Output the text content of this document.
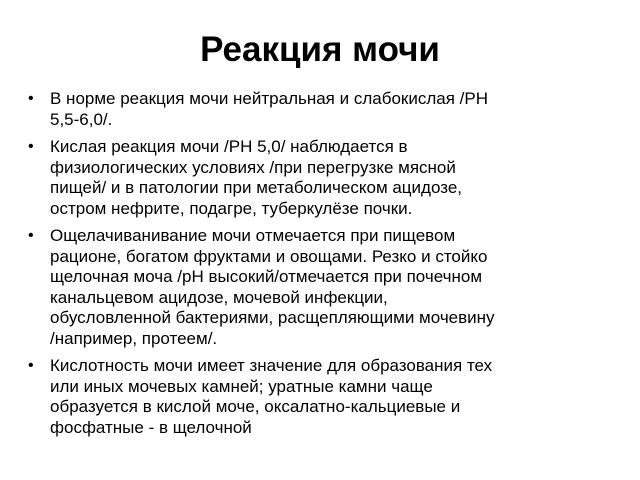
Реакция мочи
• В норме реакция мочи нейтральная и слабокислая /РН
5,5-6,0/.
• Кислая реакция мочи /РН 5,0/ наблюдается в
физиологических условиях /при перегрузке мясной
пищей/ и в патологии при метаболическом ацидозе,
остром нефрите, подагре, туберкулёзе почки.
• Ощелачиванивание мочи отмечается при пищевом
рационе, богатом фруктами и овощами. Резко и стойко
щелочная моча /рН высокий/отмечается при почечном
канальцевом ацидозе, мочевой инфекции,
обусловленной бактериями, расщепляющими мочевину
/например, протеем/.
• Кислотность мочи имеет значение для образования тех
или иных мочевых камней; уратные камни чаще
образуется в кислой моче, оксалатно-кальциевые и
фосфатные - в щелочной
